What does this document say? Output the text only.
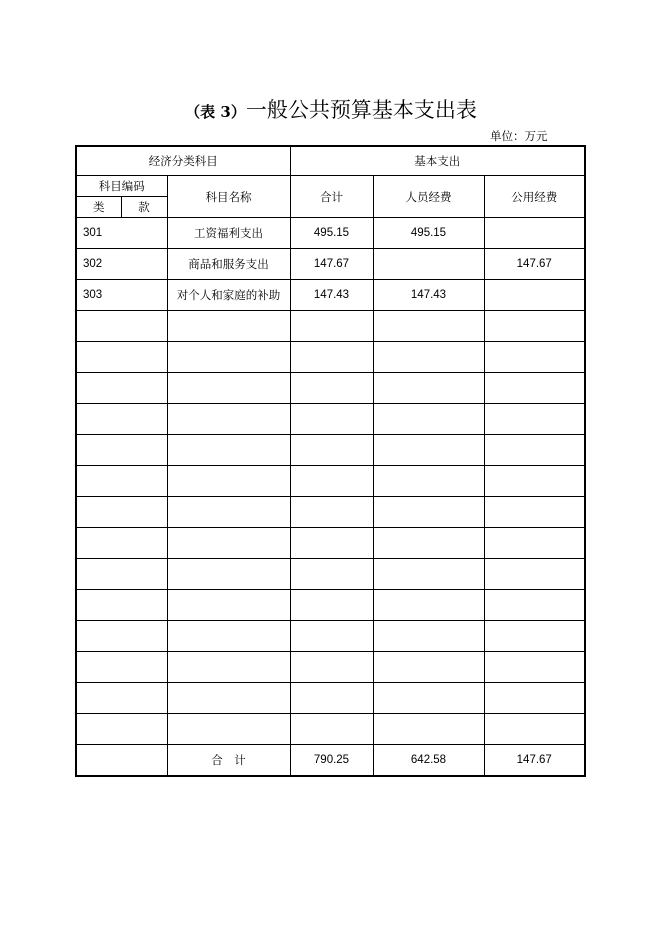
（表 3）一般公共预算基本支出表
单位：万元
经济分类科目			基本支出		
科目编码		科目名称	合计	人员经费	公用经费
类	款				
301		工资福利支出	495.15	495.15	
302		商品和服务支出	147.67		147.67
303		对个人和家庭的补助	147.43	147.43	

		合　计	790.25	642.58	147.67
